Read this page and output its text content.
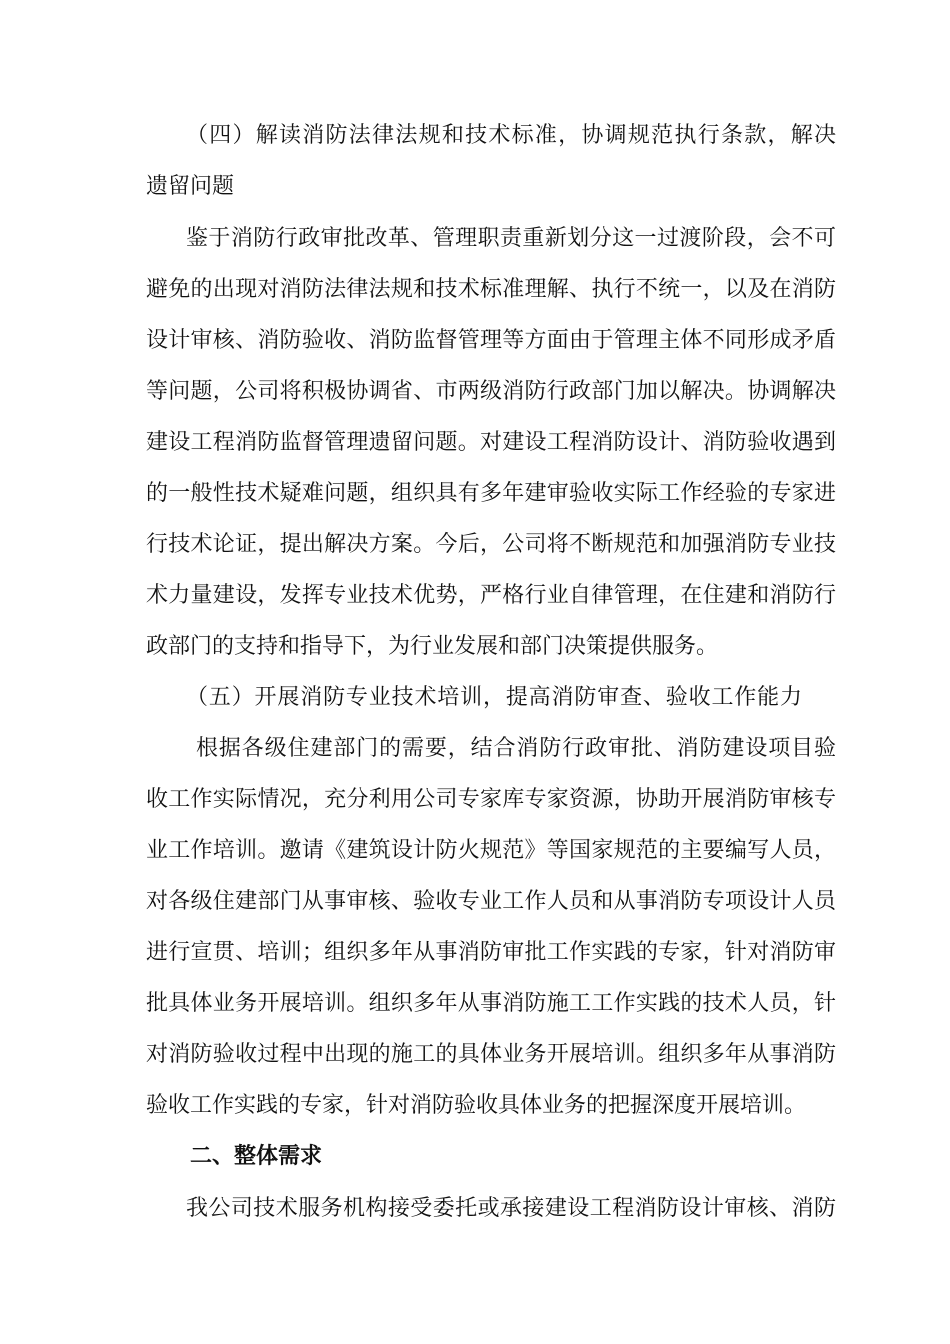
（四）解读消防法律法规和技术标准，协调规范执行条款，解决
遗留问题
鉴于消防行政审批改革、管理职责重新划分这一过渡阶段，会不可
避免的出现对消防法律法规和技术标准理解、执行不统一，以及在消防
设计审核、消防验收、消防监督管理等方面由于管理主体不同形成矛盾
等问题，公司将积极协调省、市两级消防行政部门加以解决。协调解决
建设工程消防监督管理遗留问题。对建设工程消防设计、消防验收遇到
的一般性技术疑难问题，组织具有多年建审验收实际工作经验的专家进
行技术论证，提出解决方案。今后，公司将不断规范和加强消防专业技
术力量建设，发挥专业技术优势，严格行业自律管理，在住建和消防行
政部门的支持和指导下，为行业发展和部门决策提供服务。
（五）开展消防专业技术培训，提高消防审查、验收工作能力
根据各级住建部门的需要，结合消防行政审批、消防建设项目验
收工作实际情况，充分利用公司专家库专家资源，协助开展消防审核专
业工作培训。邀请《建筑设计防火规范》等国家规范的主要编写人员，
对各级住建部门从事审核、验收专业工作人员和从事消防专项设计人员
进行宣贯、培训；组织多年从事消防审批工作实践的专家，针对消防审
批具体业务开展培训。组织多年从事消防施工工作实践的技术人员，针
对消防验收过程中出现的施工的具体业务开展培训。组织多年从事消防
验收工作实践的专家，针对消防验收具体业务的把握深度开展培训。
二、整体需求
我公司技术服务机构接受委托或承接建设工程消防设计审核、消防
